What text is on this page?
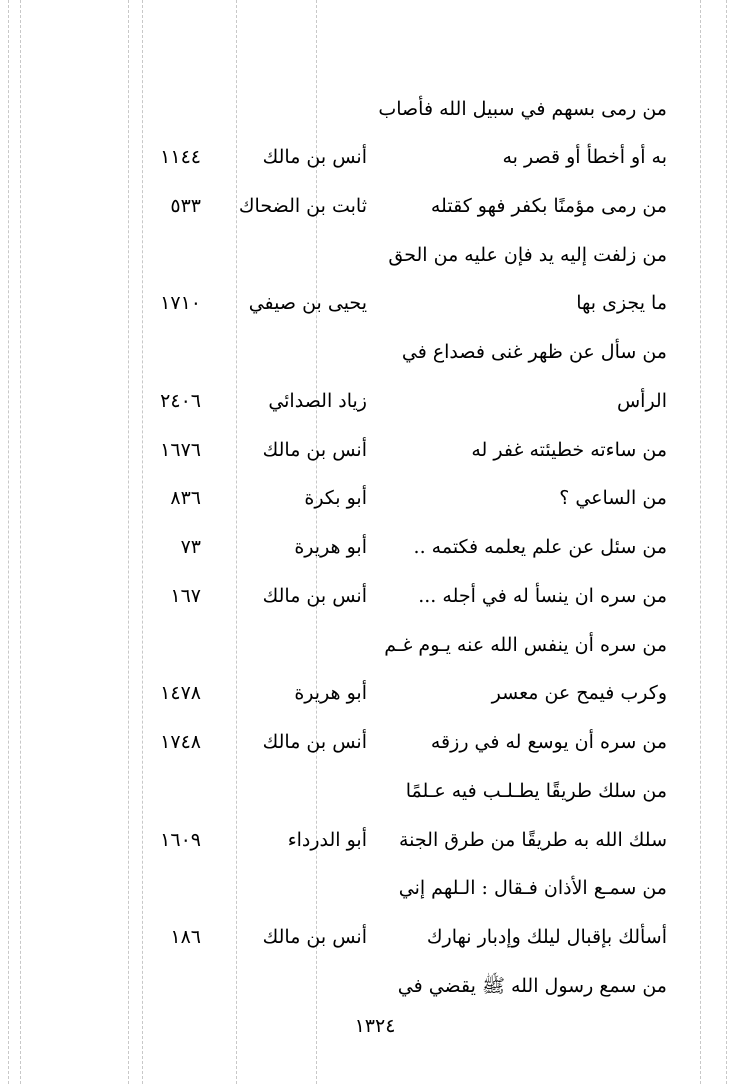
من رمى بسهم في سبيل الله فأصاب
به أو أخطأ أو قصر به
أنس بن مالك
١١٤٤
من رمى مؤمنًا بكفر فهو كقتله
ثابت بن الضحاك
٥٣٣
من زلفت إليه يد فإن عليه من الحق
ما يجزى بها
يحيى بن صيفي
١٧١٠
من سأل عن ظهر غنى فصداع في
الرأس
زياد الصدائي
٢٤٠٦
من ساءته خطيئته غفر له
أنس بن مالك
١٦٧٦
من الساعي ؟
أبو بكرة
٨٣٦
من سئل عن علم يعلمه فكتمه ..
أبو هريرة
٧٣
من سره ان ينسأ له في أجله ...
أنس بن مالك
١٦٧
من سره أن ينفس الله عنه يـوم غـم
وكرب فيمح عن معسر
أبو هريرة
١٤٧٨
من سره أن يوسع له في رزقه
أنس بن مالك
١٧٤٨
من سلك طريقًا يطـلـب فيه عـلمًا
سلك الله به طريقًا من طرق الجنة
أبو الدرداء
١٦٠٩
من سمـع الأذان فـقال : الـلهم إني
أسألك بإقبال ليلك وإدبار نهارك
أنس بن مالك
١٨٦
من سمع رسول الله ﷺ يقضي في
١٣٢٤
